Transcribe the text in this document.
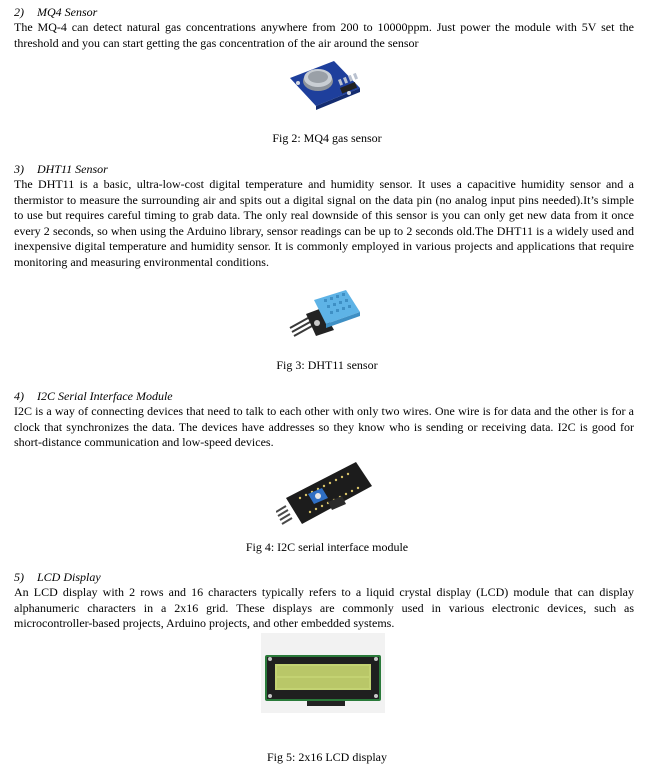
2) MQ4 Sensor

The MQ-4 can detect natural gas concentrations anywhere from 200 to 10000ppm. Just power the module with 5V set the threshold and you can start getting the gas concentration of the air around the sensor

Fig 2: MQ4 gas sensor
3) DHT11 Sensor

The DHT11 is a basic, ultra-low-cost digital temperature and humidity sensor. It uses a capacitive humidity sensor and a thermistor to measure the surrounding air and spits out a digital signal on the data pin (no analog input pins needed).It’s simple to use but requires careful timing to grab data. The only real downside of this sensor is you can only get new data from it once every 2 seconds, so when using the Arduino library, sensor readings can be up to 2 seconds old.The DHT11 is a widely used and inexpensive digital temperature and humidity sensor. It is commonly employed in various projects and applications that require monitoring and measuring environmental conditions.

Fig 3: DHT11 sensor
4) I2C Serial Interface Module

I2C is a way of connecting devices that need to talk to each other with only two wires. One wire is for data and the other is for a clock that synchronizes the data. The devices have addresses so they know who is sending or receiving data. I2C is good for short-distance communication and low-speed devices.

Fig 4: I2C serial interface module
5) LCD Display

An LCD display with 2 rows and 16 characters typically refers to a liquid crystal display (LCD) module that can display alphanumeric characters in a 2x16 grid. These displays are commonly used in various electronic devices, such as microcontroller-based projects, Arduino projects, and other embedded systems.

Fig 5: 2x16 LCD display
